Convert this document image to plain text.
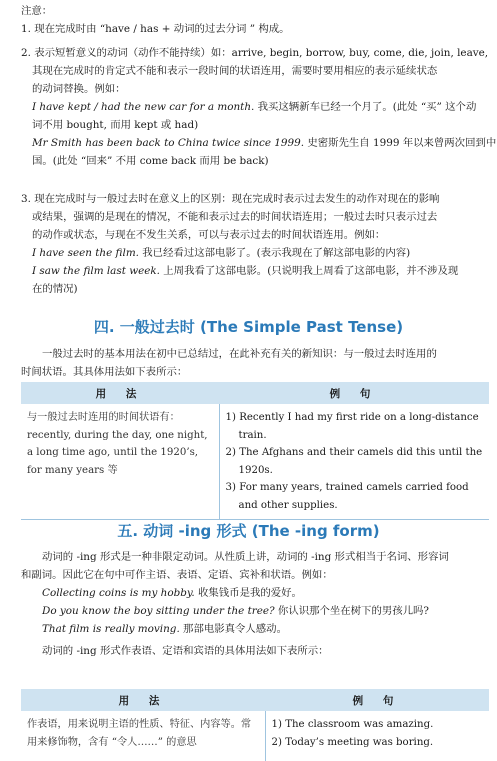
注意：
1. 现在完成时由 “have / has + 动词的过去分词 ” 构成。
2. 表示短暂意义的动词（动作不能持续）如：arrive, begin, borrow, buy, come, die, join, leave,
其现在完成时的肯定式不能和表示一段时间的状语连用，需要时要用相应的表示延续状态
的动词替换。例如：
I have kept / had the new car for a month. 我买这辆新车已经一个月了。(此处 “买” 这个动
词不用 bought, 而用 kept 或 had)
Mr Smith has been back to China twice since 1999. 史密斯先生自 1999 年以来曾两次回到中
国。(此处 “回来” 不用 come back 而用 be back)
3. 现在完成时与一般过去时在意义上的区别：现在完成时表示过去发生的动作对现在的影响
或结果，强调的是现在的情况，不能和表示过去的时间状语连用；一般过去时只表示过去
的动作或状态，与现在不发生关系，可以与表示过去的时间状语连用。例如：
I have seen the film. 我已经看过这部电影了。(表示我现在了解这部电影的内容)
I saw the film last week. 上周我看了这部电影。(只说明我上周看了这部电影，并不涉及现
在的情况)
四. 一般过去时 (The Simple Past Tense)
一般过去时的基本用法在初中已总结过，在此补充有关的新知识：与一般过去时连用的
时间状语。其具体用法如下表所示：
用 法	例 句
与一般过去时连用的时间状语有：recently, during the day, one night, a long time ago, until the 1920’s, for many years 等	1) Recently I had my first ride on a long-distance train.
2) The Afghans and their camels did this until the 1920s.
3) For many years, trained camels carried food and other supplies.
五. 动词 -ing 形式 (The -ing form)
动词的 -ing 形式是一种非限定动词。从性质上讲，动词的 -ing 形式相当于名词、形容词
和副词。因此它在句中可作主语、表语、定语、宾补和状语。例如：
Collecting coins is my hobby. 收集钱币是我的爱好。
Do you know the boy sitting under the tree? 你认识那个坐在树下的男孩儿吗?
That film is really moving. 那部电影真令人感动。
动词的 -ing 形式作表语、定语和宾语的具体用法如下表所示：
用 法	例 句
作表语，用来说明主语的性质、特征、内容等。常用来修饰物，含有 “令人……” 的意思	1) The classroom was amazing.
2) Today’s meeting was boring.
